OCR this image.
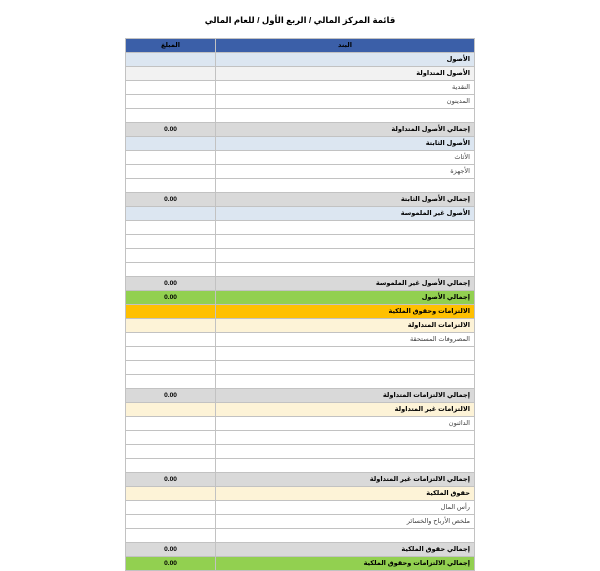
قائمة المركز المالي / الربع الأول / للعام المالي
البند	المبلغ
الأصول	
الأصول المتداولة	
النقدية	
المدينون	

إجمالي الأصول المتداولة	0.00
الأصول الثابتة	
الأثاث	
الأجهزة	

إجمالي الأصول الثابتة	0.00
الأصول غير الملموسة	

إجمالي الأصول غير الملموسة	0.00
إجمالي الأصول	0.00
الالتزامات وحقوق الملكية	
الالتزامات المتداولة	
المصروفات المستحقة	

إجمالي الالتزامات المتداولة	0.00
الالتزامات غير المتداولة	
الدائنون	

إجمالي الالتزامات غير المتداولة	0.00
حقوق الملكية	
رأس المال	
ملخص الأرباح والخسائر	

إجمالي حقوق الملكية	0.00
إجمالي الالتزامات وحقوق الملكية	0.00
